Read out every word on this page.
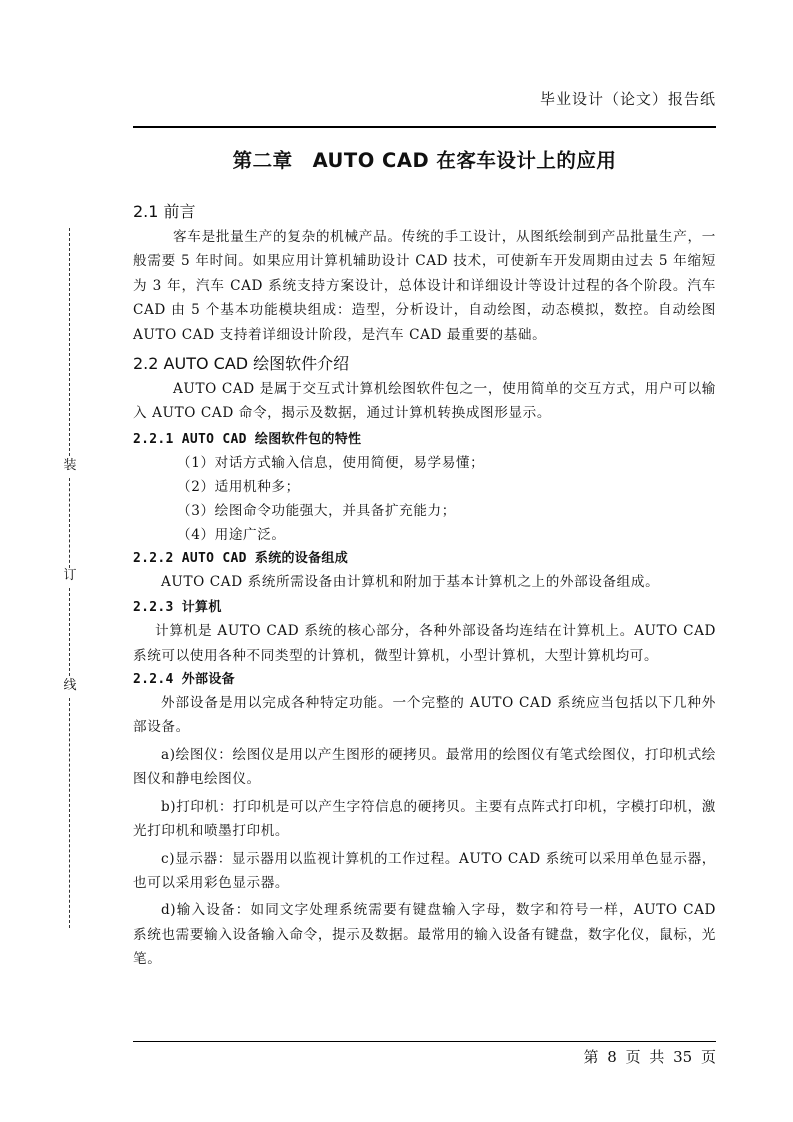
毕业设计（论文）报告纸
装
订
线
第二章　AUTO CAD 在客车设计上的应用
2.1 前言

客车是批量生产的复杂的机械产品。传统的手工设计，从图纸绘制到产品批量生产，一般需要 5 年时间。如果应用计算机辅助设计 CAD 技术，可使新车开发周期由过去 5 年缩短为 3 年，汽车 CAD 系统支持方案设计，总体设计和详细设计等设计过程的各个阶段。汽车 CAD 由 5 个基本功能模块组成：造型，分析设计，自动绘图，动态模拟，数控。自动绘图 AUTO CAD 支持着详细设计阶段，是汽车 CAD 最重要的基础。

2.2 AUTO CAD 绘图软件介绍

AUTO CAD 是属于交互式计算机绘图软件包之一，使用简单的交互方式，用户可以输入 AUTO CAD 命令，揭示及数据，通过计算机转换成图形显示。

2.2.1 AUTO CAD 绘图软件包的特性

（1）对话方式输入信息，使用简便，易学易懂；

（2）适用机种多；

（3）绘图命令功能强大，并具备扩充能力；

（4）用途广泛。

2.2.2 AUTO CAD 系统的设备组成

AUTO CAD 系统所需设备由计算机和附加于基本计算机之上的外部设备组成。

2.2.3 计算机

计算机是 AUTO CAD 系统的核心部分，各种外部设备均连结在计算机上。AUTO CAD 系统可以使用各种不同类型的计算机，微型计算机，小型计算机，大型计算机均可。

2.2.4 外部设备

外部设备是用以完成各种特定功能。一个完整的 AUTO CAD 系统应当包括以下几种外部设备。

a)绘图仪：绘图仪是用以产生图形的硬拷贝。最常用的绘图仪有笔式绘图仪，打印机式绘图仪和静电绘图仪。

b)打印机：打印机是可以产生字符信息的硬拷贝。主要有点阵式打印机，字模打印机，激光打印机和喷墨打印机。

c)显示器：显示器用以监视计算机的工作过程。AUTO CAD 系统可以采用单色显示器，也可以采用彩色显示器。

d)输入设备：如同文字处理系统需要有键盘输入字母，数字和符号一样，AUTO CAD 系统也需要输入设备输入命令，提示及数据。最常用的输入设备有键盘，数字化仪，鼠标，光笔。

第 8 页 共 35 页
